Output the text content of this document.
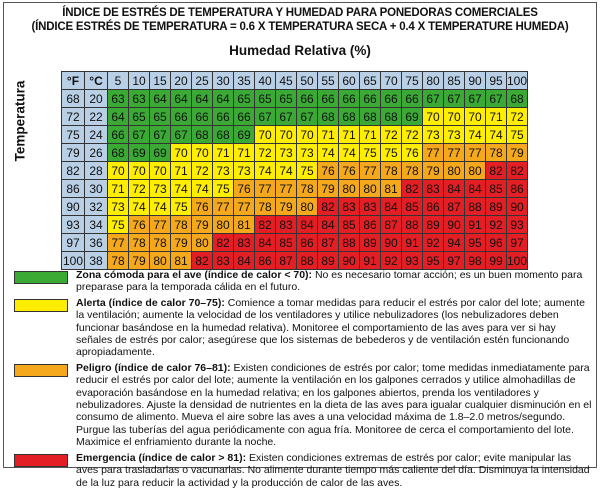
ÍNDICE DE ESTRÉS DE TEMPERATURA Y HUMEDAD PARA PONEDORAS COMERCIALES
(ÍNDICE ESTRÉS DE TEMPERATURA = 0.6 X TEMPERATURA SECA + 0.4 X TEMPERATURE HUMEDA)
Humedad Relativa (%)
Temperatura
°F	°C	5	10	15	20	25	30	35	40	45	50	55	60	65	70	75	80	85	90	95	100
68	20	63	63	64	64	64	64	65	65	65	66	66	66	66	66	66	67	67	67	67	68
72	22	64	65	65	66	66	66	66	67	67	67	68	68	68	68	69	70	70	70	71	72
75	24	66	67	67	67	68	68	69	70	70	70	71	71	71	72	72	73	73	74	74	75
79	26	68	69	69	70	70	71	71	72	73	73	74	74	75	75	76	77	77	77	78	79
82	28	70	70	70	71	72	73	73	74	74	75	76	76	77	78	78	79	80	80	82	82
86	30	71	72	73	74	74	75	76	77	77	78	79	80	80	81	82	83	84	84	85	86
90	32	73	74	74	75	76	77	77	78	79	80	82	83	83	84	85	86	87	88	89	90
93	34	75	76	77	78	79	80	81	82	83	84	84	85	86	87	88	89	90	91	92	93
97	36	77	78	78	79	80	82	83	84	85	86	87	88	89	90	91	92	94	95	96	97
100	38	78	79	80	81	82	83	84	86	87	88	89	90	91	92	93	95	97	98	99	100
Zona cómoda para el ave (índice de calor < 70): No es necesario tomar acción; es un buen momento para preparase para la temporada cálida en el futuro.
Alerta (índice de calor 70–75): Comience a tomar medidas para reducir el estrés por calor del lote; aumente la ventilación; aumente la velocidad de los ventiladores y utilice nebulizadores (los nebulizadores deben funcionar basándose en la humedad relativa). Monitoree el comportamiento de las aves para ver si hay señales de estrés por calor; asegúrese que los sistemas de bebederos y de ventilación estén funcionando apropiadamente.
Peligro (índice de calor 76–81): Existen condiciones de estrés por calor; tome medidas inmediatamente para reducir el estrés por calor del lote; aumente la ventilación en los galpones cerrados y utilice almohadillas de evaporación basándose en la humedad relativa; en los galpones abiertos, prenda los ventiladores y nebulizadores. Ajuste la densidad de nutrientes en la dieta de las aves para igualar cualquier disminución en el consumo de alimento. Mueva el aire sobre las aves a una velocidad máxima de 1.8–2.0 metros/segundo. Purgue las tuberías del agua periódicamente con agua fría. Monitoree de cerca el comportamiento del lote. Maximice el enfriamiento durante la noche.
Emergencia (índice de calor > 81): Existen condiciones extremas de estrés por calor; evite manipular las aves para trasladarlas o vacunarlas. No alimente durante tiempo más caliente del día. Disminuya la intensidad de la luz para reducir la actividad y la producción de calor de las aves.
